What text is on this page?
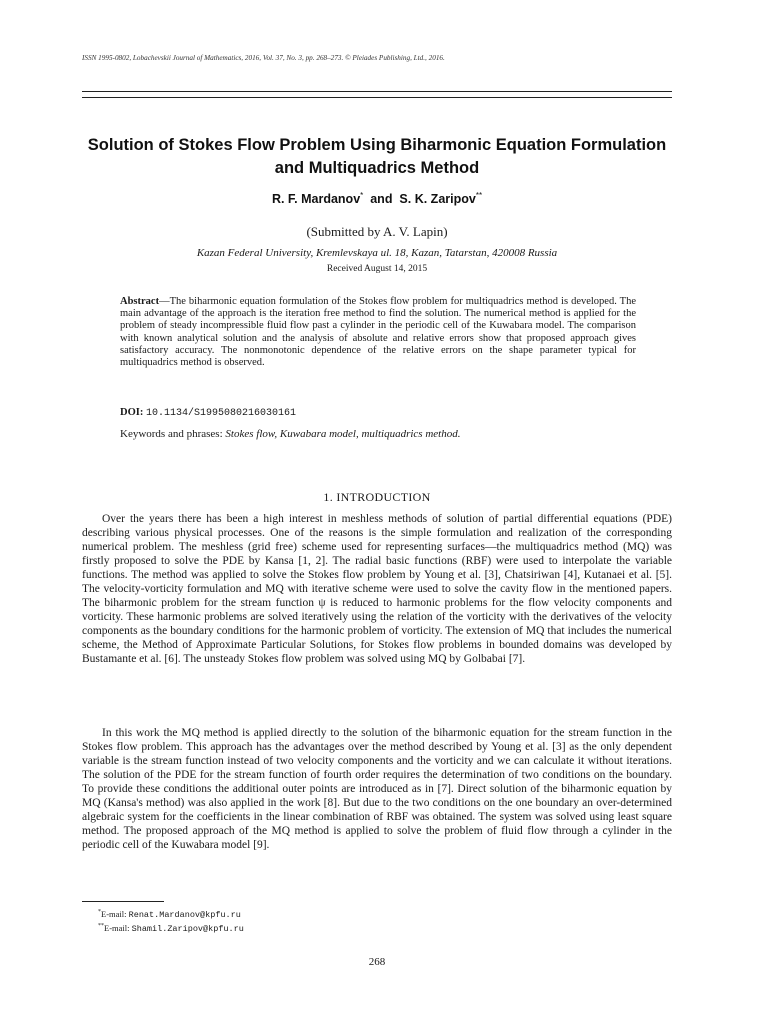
ISSN 1995-0802, Lobachevskii Journal of Mathematics, 2016, Vol. 37, No. 3, pp. 268–273. © Pleiades Publishing, Ltd., 2016.
Solution of Stokes Flow Problem Using Biharmonic Equation Formulation and Multiquadrics Method
R. F. Mardanov* and S. K. Zaripov**
(Submitted by A. V. Lapin)
Kazan Federal University, Kremlevskaya ul. 18, Kazan, Tatarstan, 420008 Russia
Received August 14, 2015
Abstract—The biharmonic equation formulation of the Stokes flow problem for multiquadrics method is developed. The main advantage of the approach is the iteration free method to find the solution. The numerical method is applied for the problem of steady incompressible fluid flow past a cylinder in the periodic cell of the Kuwabara model. The comparison with known analytical solution and the analysis of absolute and relative errors show that proposed approach gives satisfactory accuracy. The nonmonotonic dependence of the relative errors on the shape parameter typical for multiquadrics method is observed.
DOI: 10.1134/S1995080216030161
Keywords and phrases: Stokes flow, Kuwabara model, multiquadrics method.
1. INTRODUCTION

Over the years there has been a high interest in meshless methods of solution of partial differential equations (PDE) describing various physical processes. One of the reasons is the simple formulation and realization of the corresponding numerical problem. The meshless (grid free) scheme used for representing surfaces—the multiquadrics method (MQ) was firstly proposed to solve the PDE by Kansa [1, 2]. The radial basic functions (RBF) were used to interpolate the variable functions. The method was applied to solve the Stokes flow problem by Young et al. [3], Chatsiriwan [4], Kutanaei et al. [5]. The velocity-vorticity formulation and MQ with iterative scheme were used to solve the cavity flow in the mentioned papers. The biharmonic problem for the stream function ψ is reduced to harmonic problems for the flow velocity components and vorticity. These harmonic problems are solved iteratively using the relation of the vorticity with the derivatives of the velocity components as the boundary conditions for the harmonic problem of vorticity. The extension of MQ that includes the numerical scheme, the Method of Approximate Particular Solutions, for Stokes flow problems in bounded domains was developed by Bustamante et al. [6]. The unsteady Stokes flow problem was solved using MQ by Golbabai [7].

In this work the MQ method is applied directly to the solution of the biharmonic equation for the stream function in the Stokes flow problem. This approach has the advantages over the method described by Young et al. [3] as the only dependent variable is the stream function instead of two velocity components and the vorticity and we can calculate it without iterations. The solution of the PDE for the stream function of fourth order requires the determination of two conditions on the boundary. To provide these conditions the additional outer points are introduced as in [7]. Direct solution of the biharmonic equation by MQ (Kansa's method) was also applied in the work [8]. But due to the two conditions on the one boundary an over-determined algebraic system for the coefficients in the linear combination of RBF was obtained. The system was solved using least square method. The proposed approach of the MQ method is applied to solve the problem of fluid flow through a cylinder in the periodic cell of the Kuwabara model [9].

*E-mail: Renat.Mardanov@kpfu.ru
**E-mail: Shamil.Zaripov@kpfu.ru
268
